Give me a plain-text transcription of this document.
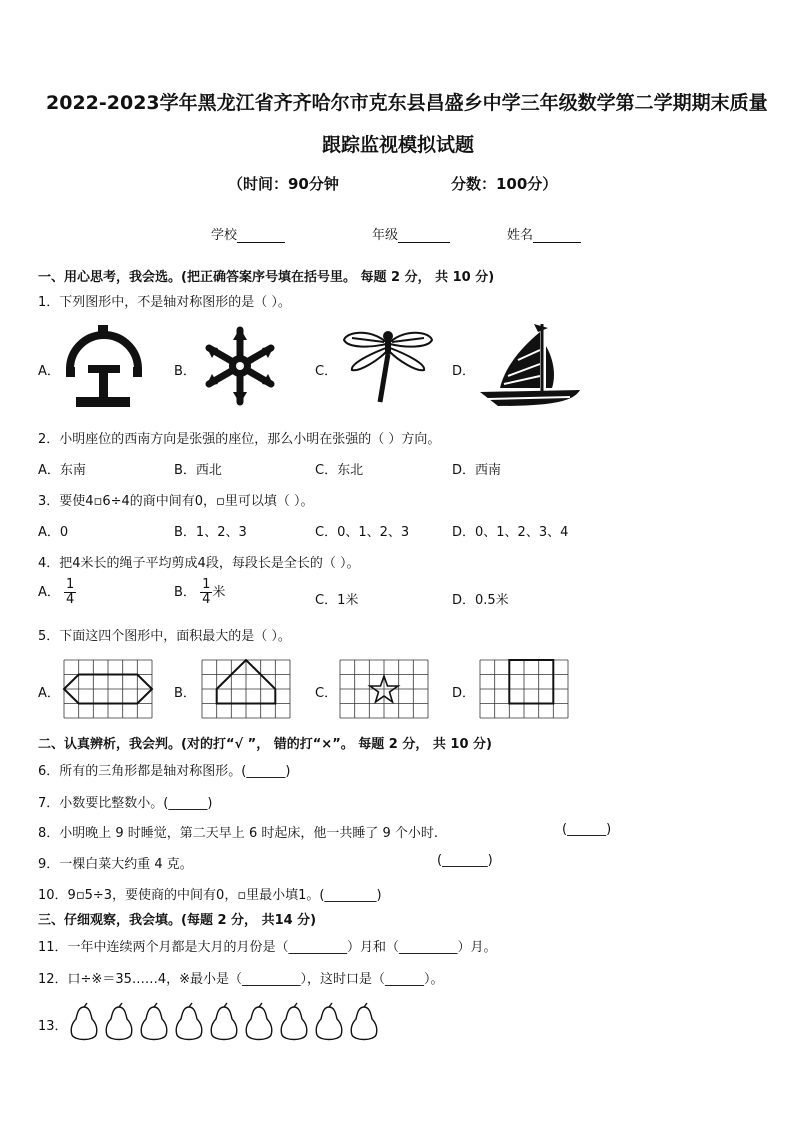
2022-2023学年黑龙江省齐齐哈尔市克东县昌盛乡中学三年级数学第二学期期末质量
跟踪监视模拟试题
（时间：90分钟	分数：100分）
学校	年级	姓名
一、用心思考，我会选。(把正确答案序号填在括号里。 每题 2 分， 共 10 分)
1．下列图形中，不是轴对称图形的是（ ）。
A．	B．	C．	D．
2．小明座位的西南方向是张强的座位，那么小明在张强的（ ）方向。
A．东南	B．西北	C．东北	D．西南
3．要使4▫6÷4的商中间有0，▫里可以填（ ）。
A．0	B．1、2、3	C．0、1、2、3	D．0、1、2、3、4
4．把4米长的绳子平均剪成4段，每段长是全长的（ ）。
A． $\frac{1}{4}$	B． $\frac{1}{4}$ 米
C．1米	D．0.5米
5．下面这四个图形中，面积最大的是（ ）。
A．	B．	C．	D．
二、认真辨析，我会判。(对的打“√ ”， 错的打“×”。 每题 2 分， 共 10 分)
6．所有的三角形都是轴对称图形。(______)
7．小数要比整数小。(______)
8．小明晚上 9 时睡觉，第二天早上 6 时起床，他一共睡了 9 个小时.	(______)
9．一棵白菜大约重 4 克。	(_______)
10．9▫5÷3，要使商的中间有0，▫里最小填1。(________)
三、仔细观察，我会填。(每题 2 分， 共14 分)
11．一年中连续两个月都是大月的月份是（_________）月和（_________）月。
12．口÷※＝35……4，※最小是（_________），这时口是（______）。
13．
